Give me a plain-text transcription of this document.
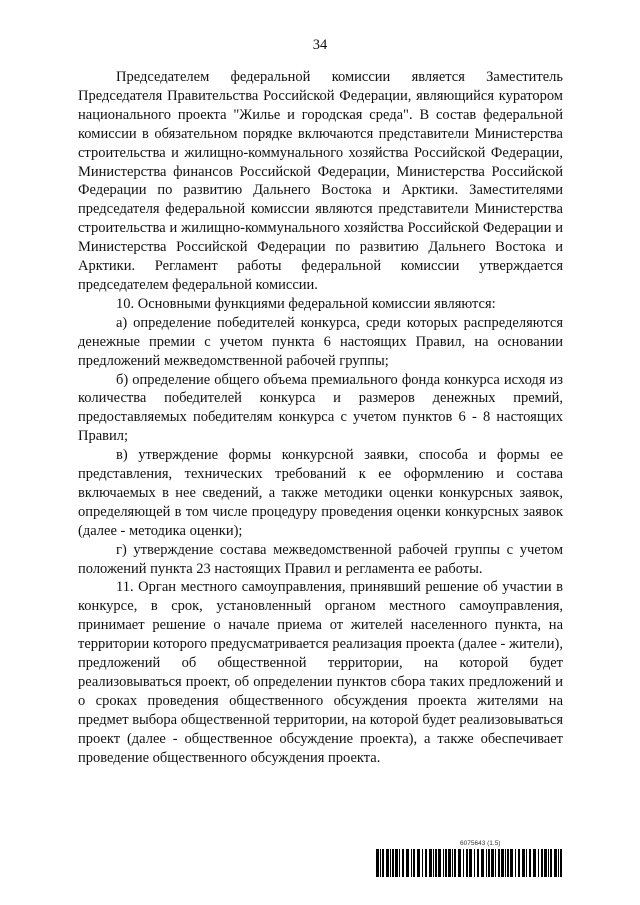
34

Председателем федеральной комиссии является Заместитель Председателя Правительства Российской Федерации, являющийся куратором национального проекта "Жилье и городская среда". В состав федеральной комиссии в обязательном порядке включаются представители Министерства строительства и жилищно-коммунального хозяйства Российской Федерации, Министерства финансов Российской Федерации, Министерства Российской Федерации по развитию Дальнего Востока и Арктики. Заместителями председателя федеральной комиссии являются представители Министерства строительства и жилищно-коммунального хозяйства Российской Федерации и Министерства Российской Федерации по развитию Дальнего Востока и Арктики. Регламент работы федеральной комиссии утверждается председателем федеральной комиссии.

10. Основными функциями федеральной комиссии являются:

а) определение победителей конкурса, среди которых распределяются денежные премии с учетом пункта 6 настоящих Правил, на основании предложений межведомственной рабочей группы;

б) определение общего объема премиального фонда конкурса исходя из количества победителей конкурса и размеров денежных премий, предоставляемых победителям конкурса с учетом пунктов 6 - 8 настоящих Правил;

в) утверждение формы конкурсной заявки, способа и формы ее представления, технических требований к ее оформлению и состава включаемых в нее сведений, а также методики оценки конкурсных заявок, определяющей в том числе процедуру проведения оценки конкурсных заявок (далее - методика оценки);

г) утверждение состава межведомственной рабочей группы с учетом положений пункта 23 настоящих Правил и регламента ее работы.

11. Орган местного самоуправления, принявший решение об участии в конкурсе, в срок, установленный органом местного самоуправления, принимает решение о начале приема от жителей населенного пункта, на территории которого предусматривается реализация проекта (далее - жители), предложений об общественной территории, на которой будет реализовываться проект, об определении пунктов сбора таких предложений и о сроках проведения общественного обсуждения проекта жителями на предмет выбора общественной территории, на которой будет реализовываться проект (далее - общественное обсуждение проекта), а также обеспечивает проведение общественного обсуждения проекта.

6075643 (1.5)
